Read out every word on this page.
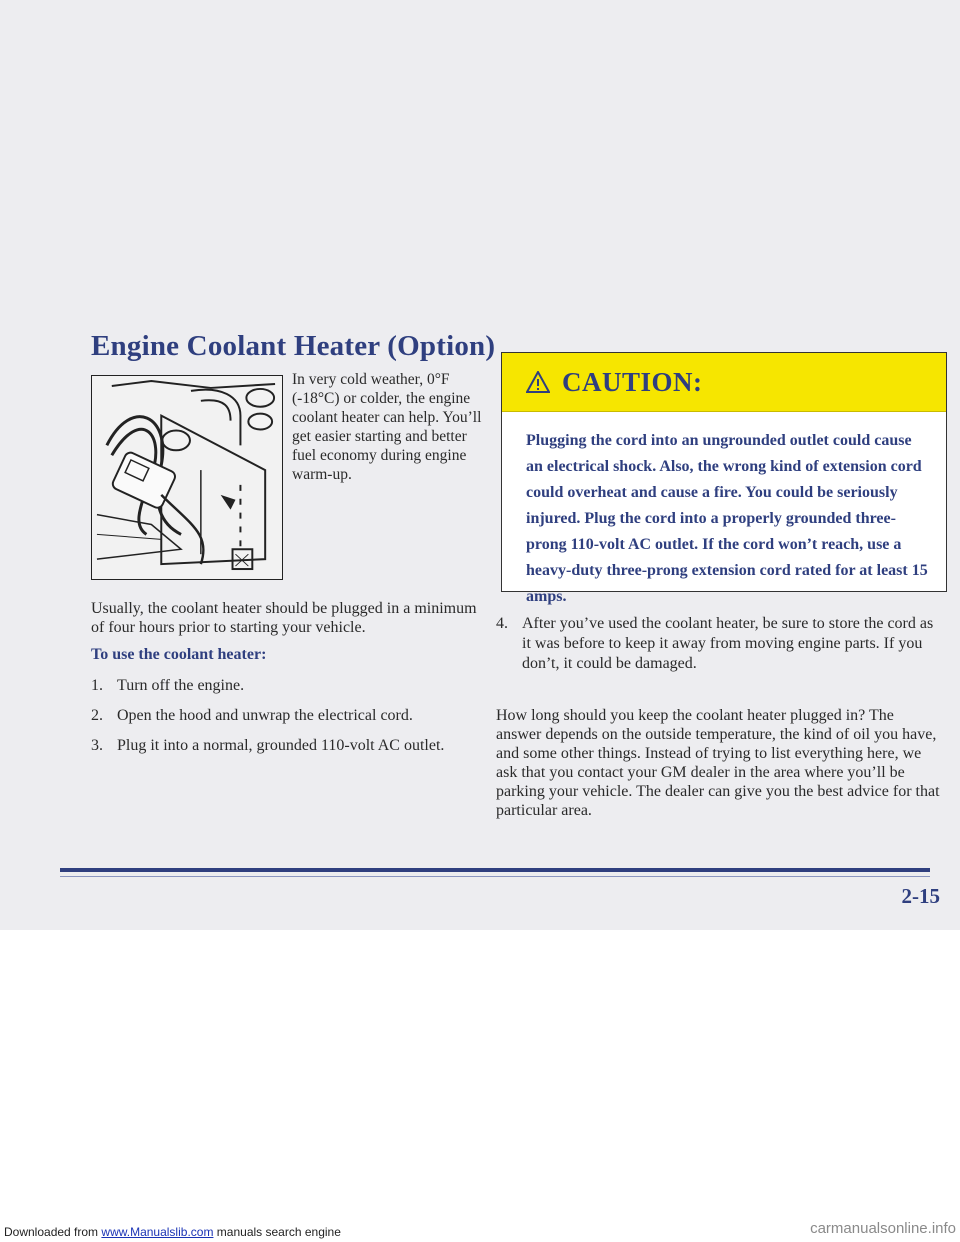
Engine Coolant Heater (Option)
In very cold weather, 0°F (-18°C) or colder, the engine coolant heater can help. You’ll get easier starting and better fuel economy during engine warm-up.

Usually, the coolant heater should be plugged in a minimum of four hours prior to starting your vehicle.

To use the coolant heater:
1. Turn off the engine.
2. Open the hood and unwrap the electrical cord.
3. Plug it into a normal, grounded 110-volt AC outlet.
CAUTION:
Plugging the cord into an ungrounded outlet could cause an electrical shock. Also, the wrong kind of extension cord could overheat and cause a fire. You could be seriously injured. Plug the cord into a properly grounded three-prong 110-volt AC outlet. If the cord won’t reach, use a heavy-duty three-prong extension cord rated for at least 15 amps.
4. After you’ve used the coolant heater, be sure to store the cord as it was before to keep it away from moving engine parts. If you don’t, it could be damaged.

How long should you keep the coolant heater plugged in? The answer depends on the outside temperature, the kind of oil you have, and some other things. Instead of trying to list everything here, we ask that you contact your GM dealer in the area where you’ll be parking your vehicle. The dealer can give you the best advice for that particular area.

2-15
Downloaded from www.Manualslib.com manuals search engine	carmanualsonline.info
